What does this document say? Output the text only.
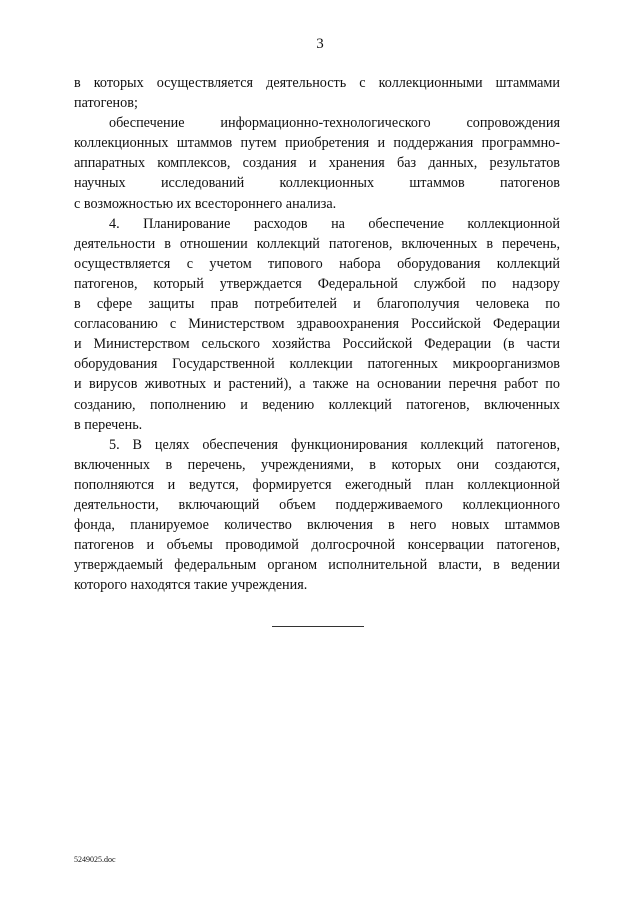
3
в которых осуществляется деятельность с коллекционными штаммами
патогенов;
обеспечение информационно-технологического сопровождения
коллекционных штаммов путем приобретения и поддержания программно-
аппаратных комплексов, создания и хранения баз данных, результатов
научных исследований коллекционных штаммов патогенов
с возможностью их всестороннего анализа.
4. Планирование расходов на обеспечение коллекционной
деятельности в отношении коллекций патогенов, включенных в перечень,
осуществляется с учетом типового набора оборудования коллекций
патогенов, который утверждается Федеральной службой по надзору
в сфере защиты прав потребителей и благополучия человека по
согласованию с Министерством здравоохранения Российской Федерации
и Министерством сельского хозяйства Российской Федерации (в части
оборудования Государственной коллекции патогенных микроорганизмов
и вирусов животных и растений), а также на основании перечня работ по
созданию, пополнению и ведению коллекций патогенов, включенных
в перечень.
5. В целях обеспечения функционирования коллекций патогенов,
включенных в перечень, учреждениями, в которых они создаются,
пополняются и ведутся, формируется ежегодный план коллекционной
деятельности, включающий объем поддерживаемого коллекционного
фонда, планируемое количество включения в него новых штаммов
патогенов и объемы проводимой долгосрочной консервации патогенов,
утверждаемый федеральным органом исполнительной власти, в ведении
которого находятся такие учреждения.
5249025.doc
